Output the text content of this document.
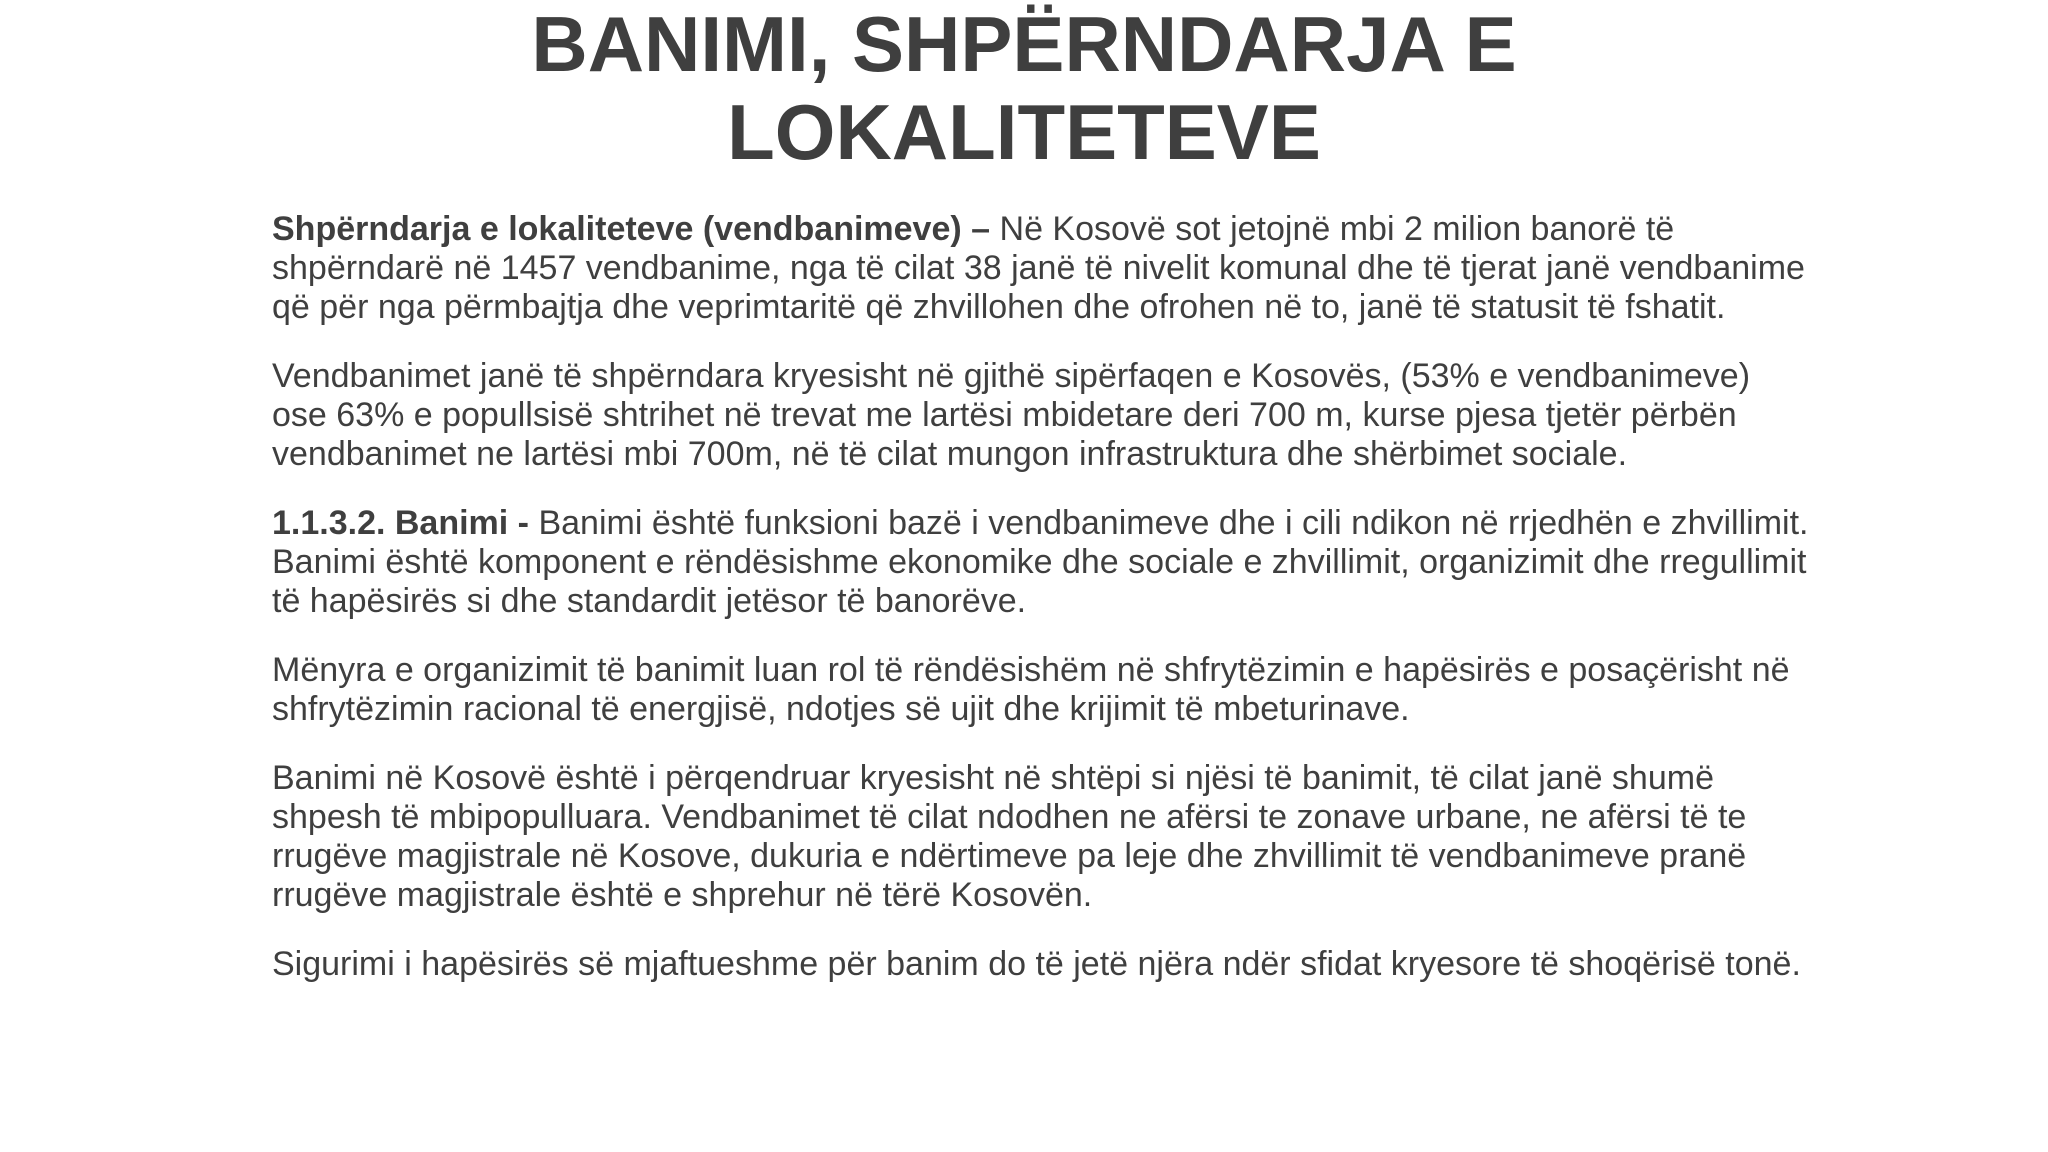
BANIMI, SHPËRNDARJA E
LOKALITETEVE

Shpërndarja e lokaliteteve (vendbanimeve) – Në Kosovë sot jetojnë mbi 2 milion banorë të shpërndarë në 1457 vendbanime, nga të cilat 38 janë të nivelit komunal dhe të tjerat janë vendbanime që për nga përmbajtja dhe veprimtaritë që zhvillohen dhe ofrohen në to, janë të statusit të fshatit.

Vendbanimet janë të shpërndara kryesisht në gjithë sipërfaqen e Kosovës, (53% e vendbanimeve) ose 63% e popullsisë shtrihet në trevat me lartësi mbidetare deri 700 m, kurse pjesa tjetër përbën vendbanimet ne lartësi mbi 700m, në të cilat mungon infrastruktura dhe shërbimet sociale.

1.1.3.2. Banimi - Banimi është funksioni bazë i vendbanimeve dhe i cili ndikon në rrjedhën e zhvillimit. Banimi është komponent e rëndësishme ekonomike dhe sociale e zhvillimit, organizimit dhe rregullimit të hapësirës si dhe standardit jetësor të banorëve.

Mënyra e organizimit të banimit luan rol të rëndësishëm në shfrytëzimin e hapësirës e posaçërisht në shfrytëzimin racional të energjisë, ndotjes së ujit dhe krijimit të mbeturinave.

Banimi në Kosovë është i përqendruar kryesisht në shtëpi si njësi të banimit, të cilat janë shumë shpesh të mbipopulluara. Vendbanimet të cilat ndodhen ne afërsi te zonave urbane, ne afërsi të te rrugëve magjistrale në Kosove, dukuria e ndërtimeve pa leje dhe zhvillimit të vendbanimeve pranë rrugëve magjistrale është e shprehur në tërë Kosovën.

Sigurimi i hapësirës së mjaftueshme për banim do të jetë njëra ndër sfidat kryesore të shoqërisë tonë.
